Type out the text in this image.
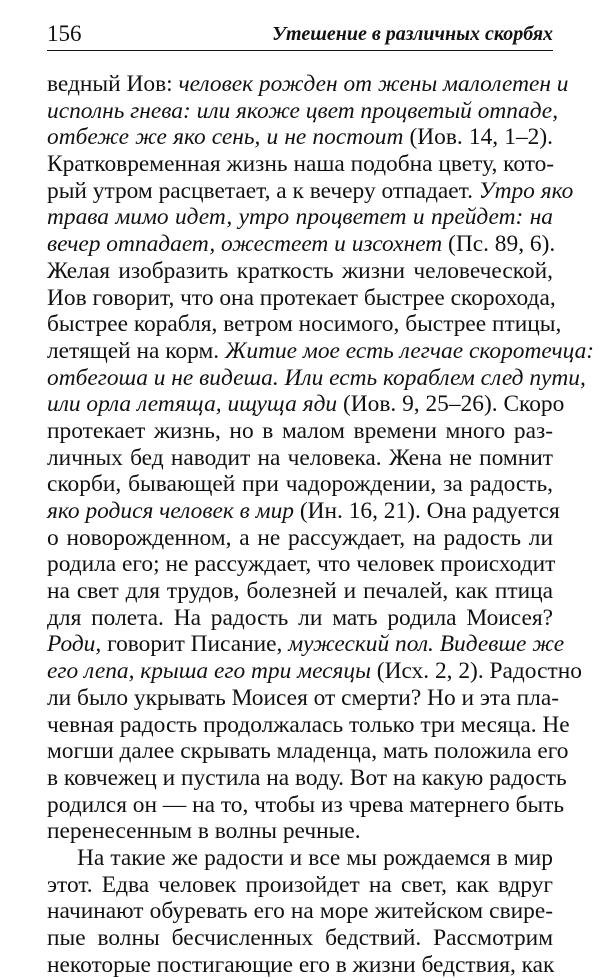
156	Утешение в различных скорбях
ведный Иов: человек рожден от жены малолетен и
исполнь гнева: или якоже цвет процветый отпаде,
отбеже же яко сень, и не постоит (Иов. 14, 1–2).
Кратковременная жизнь наша подобна цвету, кото-
рый утром расцветает, а к вечеру отпадает. Утро яко
трава мимо идет, утро процветет и прейдет: на
вечер отпадает, ожестеет и изсохнет (Пс. 89, 6).
Желая изобразить краткость жизни человеческой,
Иов говорит, что она протекает быстрее скорохода,
быстрее корабля, ветром носимого, быстрее птицы,
летящей на корм. Житие мое есть легчае скоротечца:
отбегоша и не видеша. Или есть кораблем след пути,
или орла летяща, ищуща яди (Иов. 9, 25–26). Скоро
протекает жизнь, но в малом времени много раз-
личных бед наводит на человека. Жена не помнит
скорби, бывающей при чадорождении, за радость,
яко родися человек в мир (Ин. 16, 21). Она радуется
о новорожденном, а не рассуждает, на радость ли
родила его; не рассуждает, что человек происходит
на свет для трудов, болезней и печалей, как птица
для полета. На радость ли мать родила Моисея?
Роди, говорит Писание, мужеский пол. Видевше же
его лепа, крыша его три месяцы (Исх. 2, 2). Радостно
ли было укрывать Моисея от смерти? Но и эта пла-
чевная радость продолжалась только три месяца. Не
могши далее скрывать младенца, мать положила его
в ковчежец и пустила на воду. Вот на какую радость
родился он — на то, чтобы из чрева матернего быть
перенесенным в волны речные.
На такие же радости и все мы рождаемся в мир
этот. Едва человек произойдет на свет, как вдруг
начинают обуревать его на море житейском свире-
пые волны бесчисленных бедствий. Рассмотрим
некоторые постигающие его в жизни бедствия, как
